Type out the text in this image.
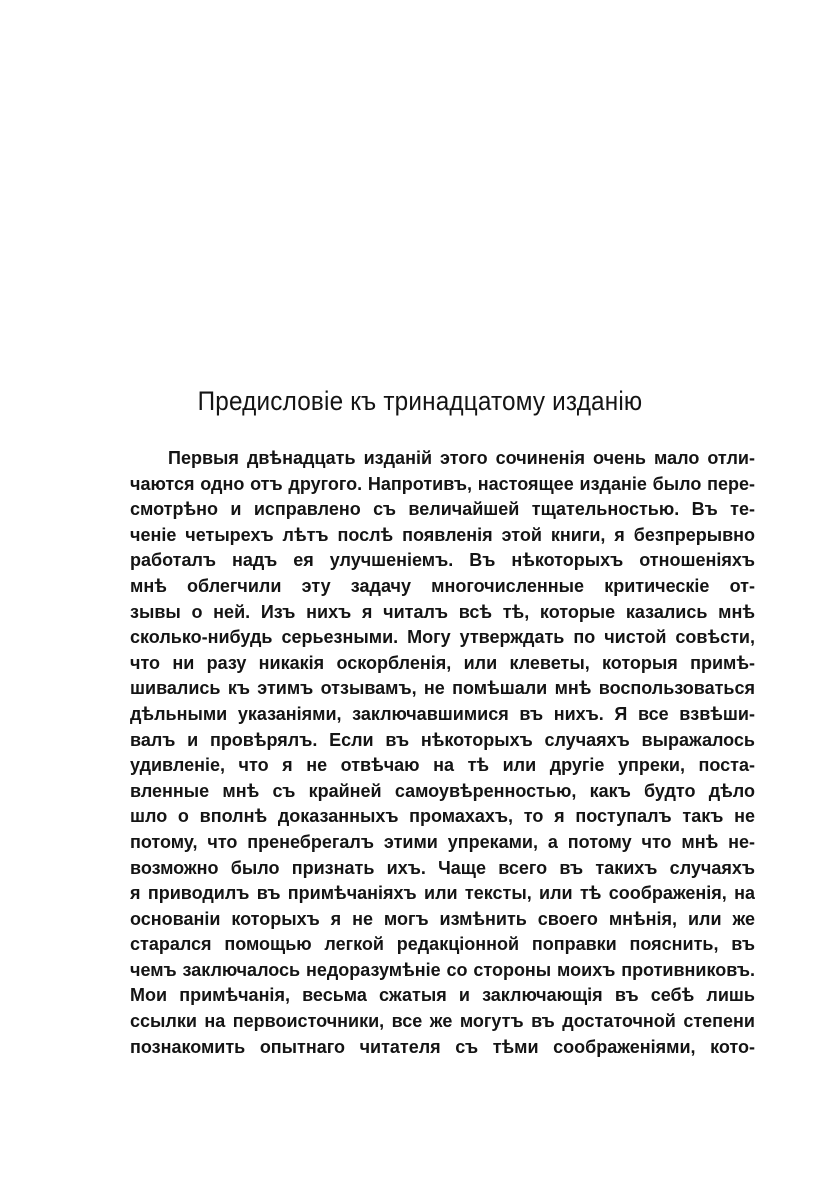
Предисловіе къ тринадцатому изданію
Первыя двѣнадцать изданій этого сочиненія очень мало отли-
чаются одно отъ другого. Напротивъ, настоящее изданіе было пере-
смотрѣно и исправлено съ величайшей тщательностью. Въ те-
ченіе четырехъ лѣтъ послѣ появленія этой книги, я безпрерывно
работалъ надъ ея улучшеніемъ. Въ нѣкоторыхъ отношеніяхъ
мнѣ облегчили эту задачу многочисленные критическіе от-
зывы о ней. Изъ нихъ я читалъ всѣ тѣ, которые казались мнѣ
сколько-нибудь серьезными. Могу утверждать по чистой совѣсти,
что ни разу никакія оскорбленія, или клеветы, которыя примѣ-
шивались къ этимъ отзывамъ, не помѣшали мнѣ воспользоваться
дѣльными указаніями, заключавшимися въ нихъ. Я все взвѣши-
валъ и провѣрялъ. Если въ нѣкоторыхъ случаяхъ выражалось
удивленіе, что я не отвѣчаю на тѣ или другіе упреки, поста-
вленные мнѣ съ крайней самоувѣренностью, какъ будто дѣло
шло о вполнѣ доказанныхъ промахахъ, то я поступалъ такъ не
потому, что пренебрегалъ этими упреками, а потому что мнѣ не-
возможно было признать ихъ. Чаще всего въ такихъ случаяхъ
я приводилъ въ примѣчаніяхъ или тексты, или тѣ соображенія, на
основаніи которыхъ я не могъ измѣнить своего мнѣнія, или же
старался помощью легкой редакціонной поправки пояснить, въ
чемъ заключалось недоразумѣніе со стороны моихъ противниковъ.
Мои примѣчанія, весьма сжатыя и заключающія въ себѣ лишь
ссылки на первоисточники, все же могутъ въ достаточной степени
познакомить опытнаго читателя съ тѣми соображеніями, кото-
